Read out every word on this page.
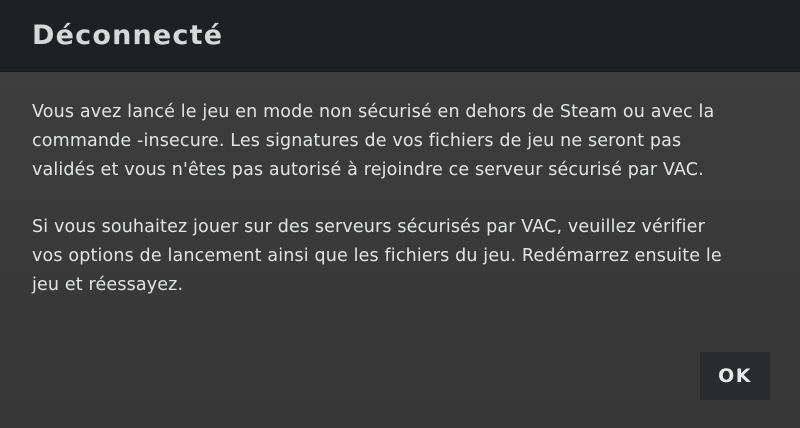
Déconnecté

Vous avez lancé le jeu en mode non sécurisé en dehors de Steam ou avec la commande -insecure. Les signatures de vos fichiers de jeu ne seront pas validés et vous n'êtes pas autorisé à rejoindre ce serveur sécurisé par VAC.

Si vous souhaitez jouer sur des serveurs sécurisés par VAC, veuillez vérifier vos options de lancement ainsi que les fichiers du jeu. Redémarrez ensuite le jeu et réessayez.

OK
